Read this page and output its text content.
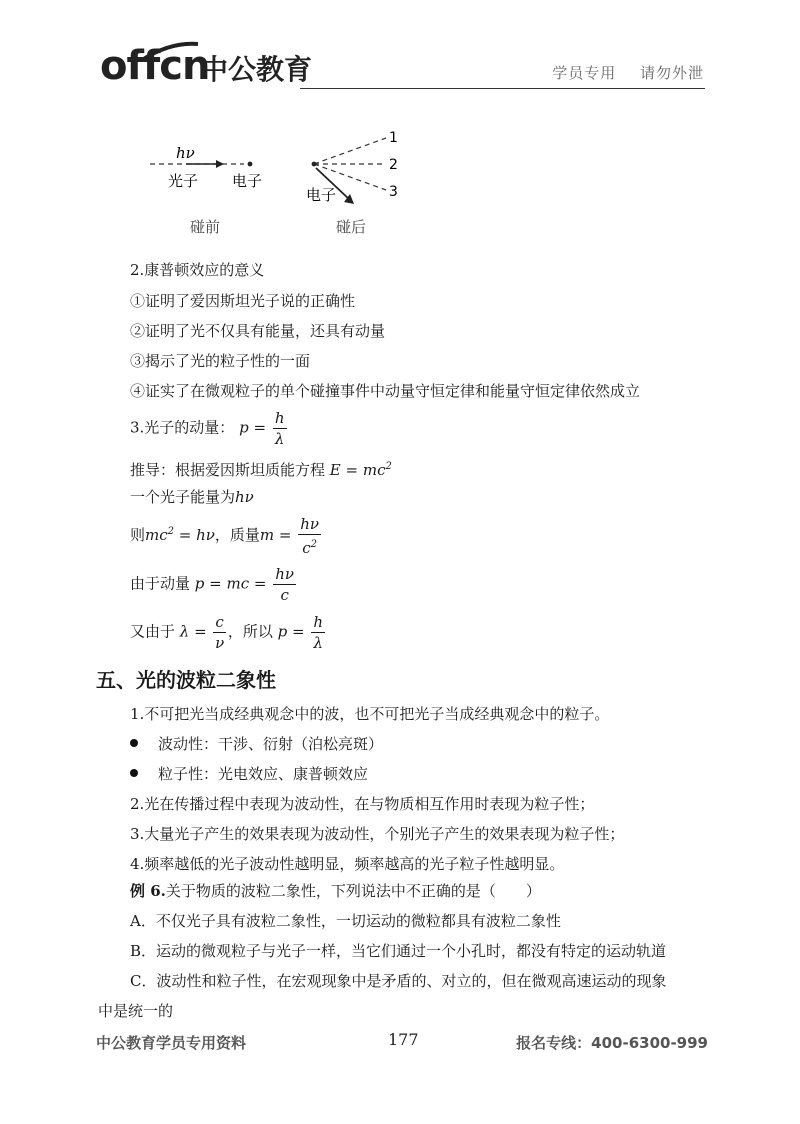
offcn
中公教育	学员专用 请勿外泄
hν
光子 电子
碰前
1
2
3
电子
碰后
2.康普顿效应的意义
①证明了爱因斯坦光子说的正确性
②证明了光不仅具有能量，还具有动量
③揭示了光的粒子性的一面
④证实了在微观粒子的单个碰撞事件中动量守恒定律和能量守恒定律依然成立
3.光子的动量： $p = \frac{h}{\lambda}$
推导：根据爱因斯坦质能方程 $E = mc^2$
一个光子能量为hν
则$mc^2 = h\nu$，质量$m = \frac{h\nu}{c^2}$
由于动量 p = mc = $\frac{h\nu}{c}$
又由于 $\lambda = \frac{c}{\nu}$ ，所以 $p = \frac{h}{\lambda}$
五、光的波粒二象性
1.不可把光当成经典观念中的波，也不可把光子当成经典观念中的粒子。
波动性：干涉、衍射（泊松亮斑）
粒子性：光电效应、康普顿效应
2.光在传播过程中表现为波动性，在与物质相互作用时表现为粒子性；
3.大量光子产生的效果表现为波动性，个别光子产生的效果表现为粒子性；
4.频率越低的光子波动性越明显，频率越高的光子粒子性越明显。
例 6.关于物质的波粒二象性，下列说法中不正确的是（　　）
A．不仅光子具有波粒二象性，一切运动的微粒都具有波粒二象性
B．运动的微观粒子与光子一样，当它们通过一个小孔时，都没有特定的运动轨道
C．波动性和粒子性，在宏观现象中是矛盾的、对立的，但在微观高速运动的现象
中是统一的
中公教育学员专用资料	177	报名专线：400-6300-999
